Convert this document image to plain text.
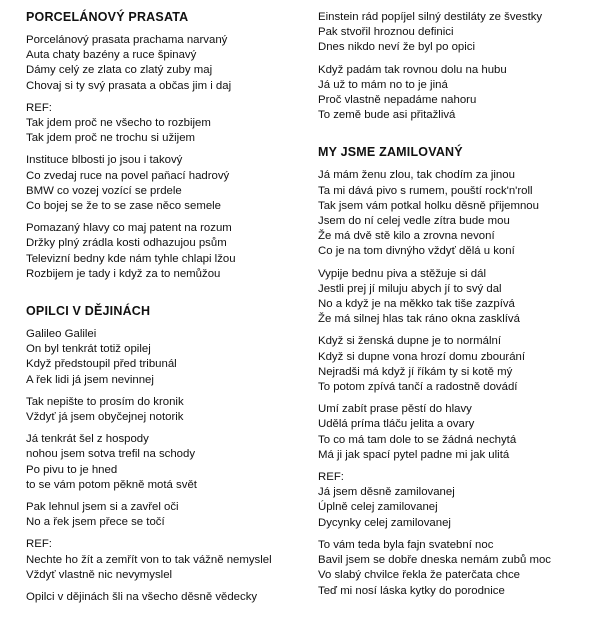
PORCELÁNOVÝ PRASATA
Porcelánový prasata prachama narvaný
Auta chaty bazény a ruce špinavý
Dámy celý ze zlata co zlatý zuby maj
Chovaj si ty svý prasata a občas jim i daj
REF:
Tak jdem proč ne všecho to rozbijem
Tak jdem proč ne trochu si užijem
Instituce blbosti jo jsou i takový
Co zvedaj ruce na povel paňací hadrový
BMW co vozej vozící se prdele
Co bojej se že to se zase něco semele
Pomazaný hlavy co maj patent na rozum
Držky plný zrádla kosti odhazujou psům
Televizní bedny kde nám tyhle chlapi lžou
Rozbijem je tady i když za to nemůžou
OPILCI V DĚJINÁCH
Galileo Galilei
On byl tenkrát totiž opilej
Když předstoupil před tribunál
A řek lidi já jsem nevinnej
Tak nepište to prosím do kronik
Vždyť já jsem obyčejnej notorik
Já tenkrát šel z hospody
nohou jsem sotva trefil na schody
Po pivu to je hned
to se vám potom pěkně motá svět
Pak lehnul jsem si a zavřel oči
No a řek jsem přece se točí
REF:
Nechte ho žít a zemřít von to tak vážně nemyslel
Vždyť vlastně nic nevymyslel
Opilci v dějinách šli na všecho děsně vědecky
Einstein rád popíjel silný destiláty ze švestky
Pak stvořil hroznou definici
Dnes nikdo neví že byl po opici
Když padám tak rovnou dolu na hubu
Já už to mám no to je jiná
Proč vlastně nepadáme nahoru
To země bude asi přitažlivá
MY JSME ZAMILOVANÝ
Já mám ženu zlou, tak chodím za jinou
Ta mi dává pivo s rumem, pouští rock'n'roll
Tak jsem vám potkal holku děsně přijemnou
Jsem do ní celej vedle zítra bude mou
Že má dvě stě kilo a zrovna nevoní
Co je na tom divnýho vždyť dělá u koní
Vypije bednu piva a stěžuje si dál
Jestli prej jí miluju abych jí to svý dal
No a když je na měkko tak tiše zazpívá
Že má silnej hlas tak ráno okna zasklívá
Když si ženská dupne je to normální
Když si dupne vona hrozí domu zbourání
Nejradši má když jí říkám ty si kotě mý
To potom zpívá tančí a radostně dovádí
Umí zabít prase pěstí do hlavy
Udělá príma tláču jelita a ovary
To co má tam dole to se žádná nechytá
Má ji jak spací pytel padne mi jak ulitá
REF:
Já jsem děsně zamilovanej
Úplně celej zamilovanej
Dycynky celej zamilovanej
To vám teda byla fajn svatební noc
Bavil jsem se dobře dneska nemám zubů moc
Vo slabý chvilce řekla že paterčata chce
Teď mi nosí láska kytky do porodnice
